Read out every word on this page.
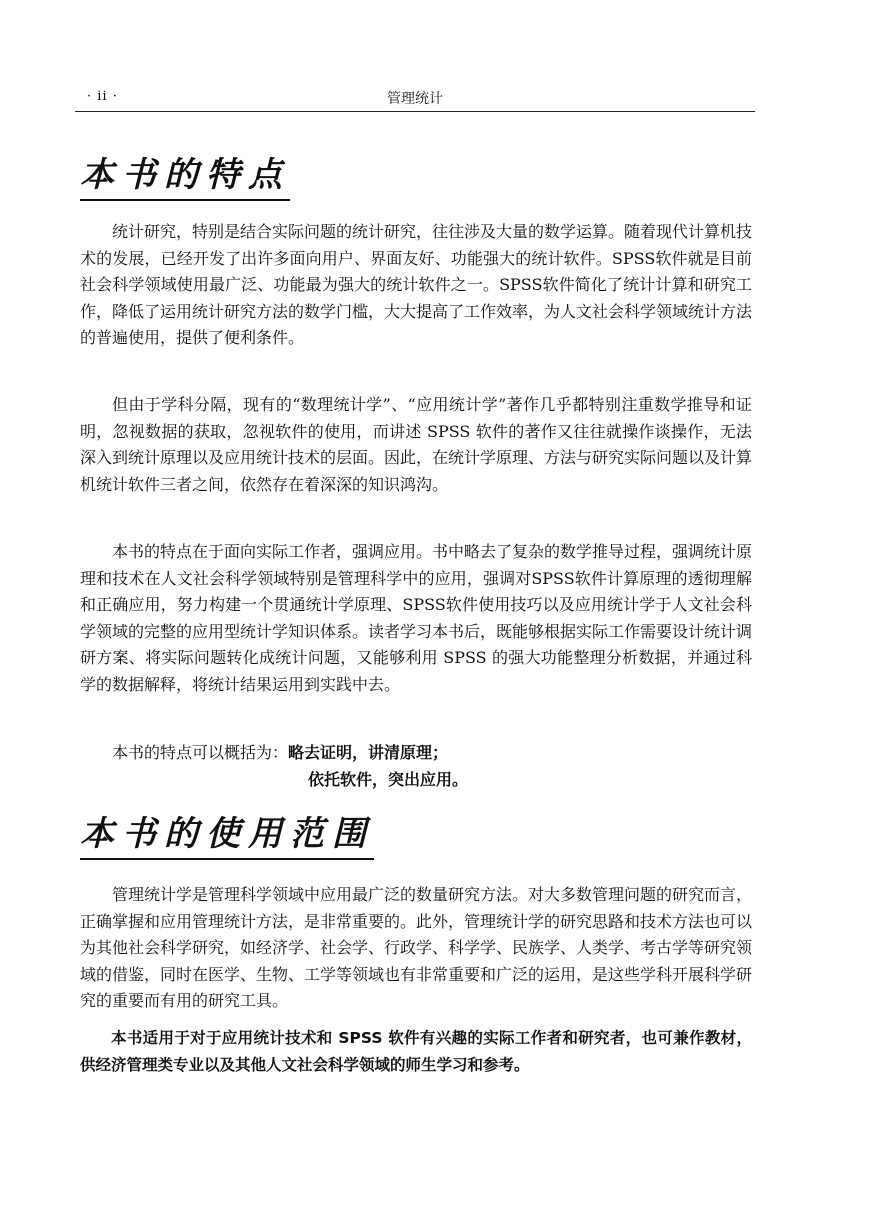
· ii ·	管理统计
本书的特点

统计研究，特别是结合实际问题的统计研究，往往涉及大量的数学运算。随着现代计算机技术的发展，已经开发了出许多面向用户、界面友好、功能强大的统计软件。SPSS软件就是目前社会科学领域使用最广泛、功能最为强大的统计软件之一。SPSS软件简化了统计计算和研究工作，降低了运用统计研究方法的数学门槛，大大提高了工作效率，为人文社会科学领域统计方法的普遍使用，提供了便利条件。

但由于学科分隔，现有的“数理统计学”、“应用统计学”著作几乎都特别注重数学推导和证明，忽视数据的获取，忽视软件的使用，而讲述 SPSS 软件的著作又往往就操作谈操作，无法深入到统计原理以及应用统计技术的层面。因此，在统计学原理、方法与研究实际问题以及计算机统计软件三者之间，依然存在着深深的知识鸿沟。

本书的特点在于面向实际工作者，强调应用。书中略去了复杂的数学推导过程，强调统计原理和技术在人文社会科学领域特别是管理科学中的应用，强调对SPSS软件计算原理的透彻理解和正确应用，努力构建一个贯通统计学原理、SPSS软件使用技巧以及应用统计学于人文社会科学领域的完整的应用型统计学知识体系。读者学习本书后，既能够根据实际工作需要设计统计调研方案、将实际问题转化成统计问题，又能够利用 SPSS 的强大功能整理分析数据，并通过科学的数据解释，将统计结果运用到实践中去。

本书的特点可以概括为：略去证明，讲清原理；
依托软件，突出应用。

本书的使用范围

管理统计学是管理科学领域中应用最广泛的数量研究方法。对大多数管理问题的研究而言，正确掌握和应用管理统计方法，是非常重要的。此外，管理统计学的研究思路和技术方法也可以为其他社会科学研究，如经济学、社会学、行政学、科学学、民族学、人类学、考古学等研究领域的借鉴，同时在医学、生物、工学等领域也有非常重要和广泛的运用，是这些学科开展科学研究的重要而有用的研究工具。

本书适用于对于应用统计技术和 SPSS 软件有兴趣的实际工作者和研究者，也可兼作教材，供经济管理类专业以及其他人文社会科学领域的师生学习和参考。
